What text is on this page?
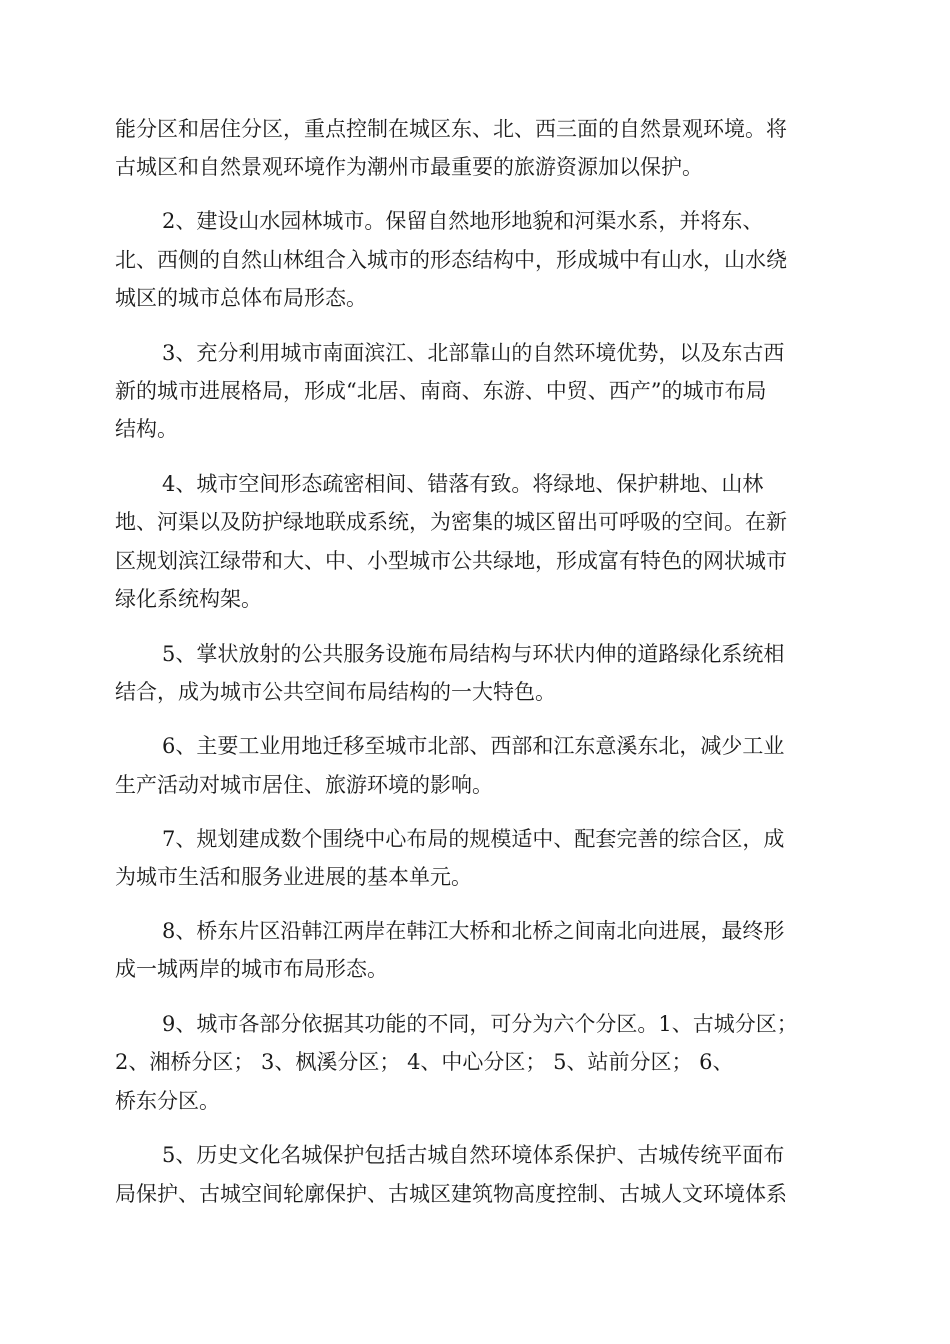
能分区和居住分区，重点控制在城区东、北、西三面的自然景观环境。将
古城区和自然景观环境作为潮州市最重要的旅游资源加以保护。
2、建设山水园林城市。保留自然地形地貌和河渠水系，并将东、
北、西侧的自然山林组合入城市的形态结构中，形成城中有山水，山水绕
城区的城市总体布局形态。
3、充分利用城市南面滨江、北部靠山的自然环境优势，以及东古西
新的城市进展格局，形成“北居、南商、东游、中贸、西产”的城市布局
结构。
4、城市空间形态疏密相间、错落有致。将绿地、保护耕地、山林
地、河渠以及防护绿地联成系统，为密集的城区留出可呼吸的空间。在新
区规划滨江绿带和大、中、小型城市公共绿地，形成富有特色的网状城市
绿化系统构架。
5、掌状放射的公共服务设施布局结构与环状内伸的道路绿化系统相
结合，成为城市公共空间布局结构的一大特色。
6、主要工业用地迁移至城市北部、西部和江东意溪东北，减少工业
生产活动对城市居住、旅游环境的影响。
7、规划建成数个围绕中心布局的规模适中、配套完善的综合区，成
为城市生活和服务业进展的基本单元。
8、桥东片区沿韩江两岸在韩江大桥和北桥之间南北向进展，最终形
成一城两岸的城市布局形态。
9、城市各部分依据其功能的不同，可分为六个分区。1、古城分区；
2、湘桥分区； 3、枫溪分区； 4、中心分区； 5、站前分区； 6、
桥东分区。
5、历史文化名城保护包括古城自然环境体系保护、古城传统平面布
局保护、古城空间轮廓保护、古城区建筑物高度控制、古城人文环境体系
